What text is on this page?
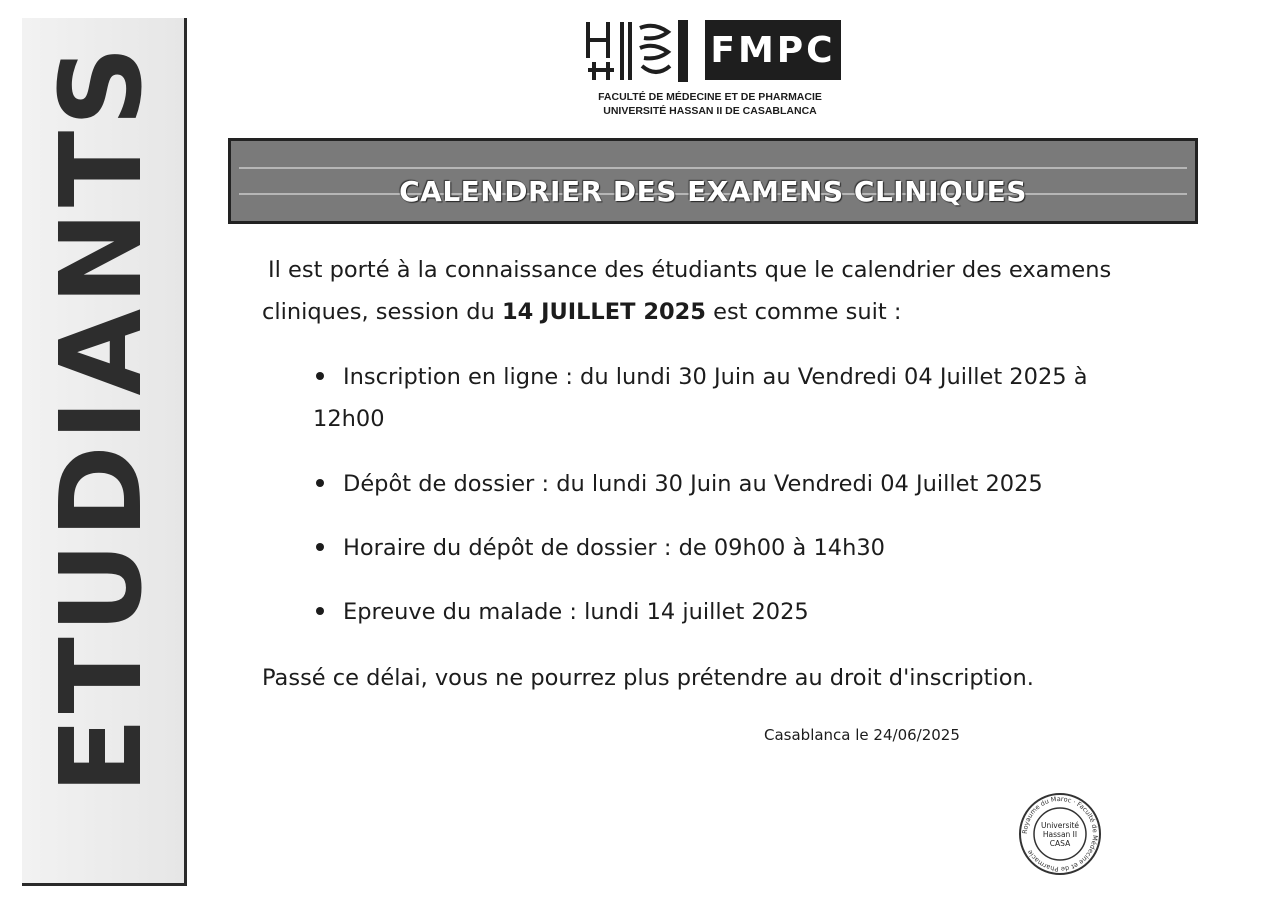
ETUDIANTS	FMPC
FACULTÉ DE MÉDECINE ET DE PHARMACIE
UNIVERSITÉ HASSAN II DE CASABLANCA
CALENDRIER DES EXAMENS CLINIQUES
Il est porté à la connaissance des étudiants que le calendrier des examens
cliniques, session du 14 JUILLET 2025 est comme suit :
Inscription en ligne : du lundi 30 Juin au Vendredi 04 Juillet 2025 à
12h00
Dépôt de dossier : du lundi 30 Juin au Vendredi 04 Juillet 2025
Horaire du dépôt de dossier : de 09h00 à 14h30
Epreuve du malade : lundi 14 juillet 2025
Passé ce délai, vous ne pourrez plus prétendre au droit d'inscription.
Casablanca le 24/06/2025
Royaume du Maroc · Faculté de Médecine et de Pharmacie
Université
Hassan II
CASA
